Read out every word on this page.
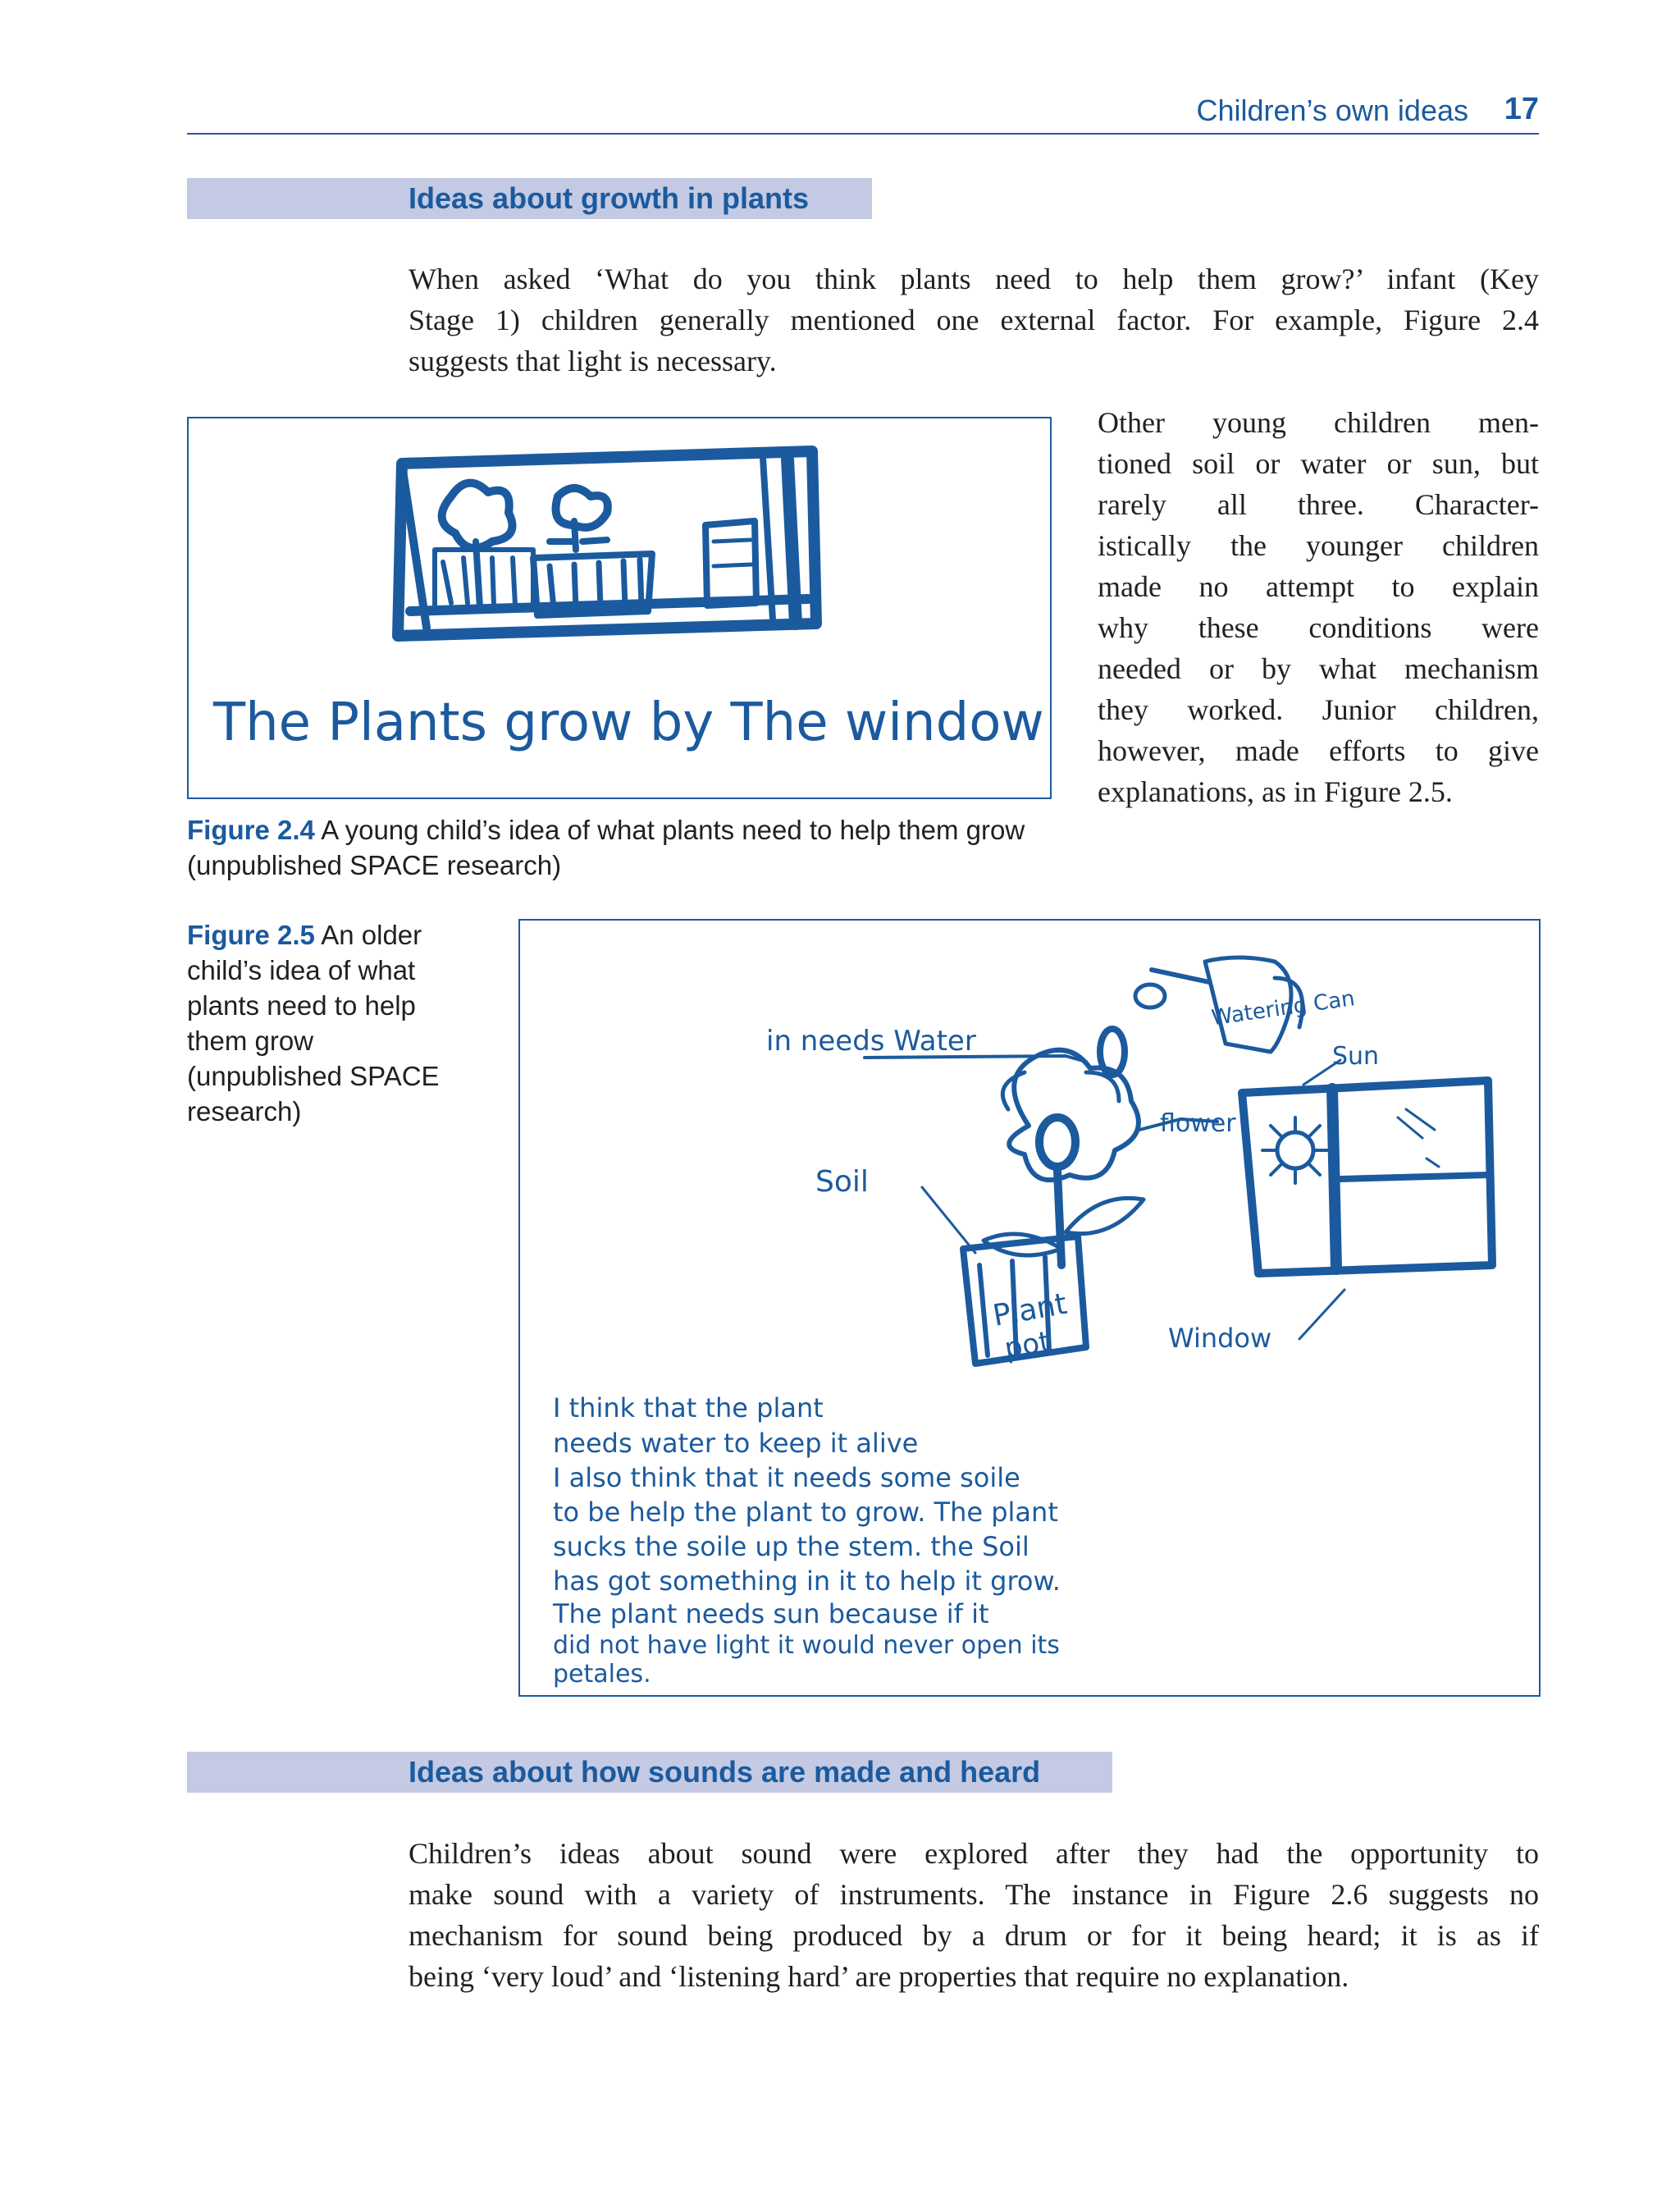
Children’s own ideas 17
Ideas about growth in plants
When asked ‘What do you think plants need to help them grow?’ infant (Key
Stage 1) children generally mentioned one external factor. For example, Figure 2.4
suggests that light is necessary.
The Plants grow by The window
Figure 2.4 A young child’s idea of what plants need to help them grow (unpublished SPACE research)
Other young children men-
tioned soil or water or sun, but
rarely all three. Character-
istically the younger children
made no attempt to explain
why these conditions were
needed or by what mechanism
they worked. Junior children,
however, made efforts to give
explanations, as in Figure 2.5.
Figure 2.5 An older child’s idea of what plants need to help them grow (unpublished SPACE research)
Plant
pot
in needs Water
Watering Can
Sun
flower
Soil
Window
I think that the plant
needs water to keep it alive
I also think that it needs some soile
to be help the plant to grow. The plant
sucks the soile up the stem. the Soil
has got something in it to help it grow.
The plant needs sun because if it
did not have light it would never open its
petales.
Ideas about how sounds are made and heard
Children’s ideas about sound were explored after they had the opportunity to
make sound with a variety of instruments. The instance in Figure 2.6 suggests no
mechanism for sound being produced by a drum or for it being heard; it is as if
being ‘very loud’ and ‘listening hard’ are properties that require no explanation.
